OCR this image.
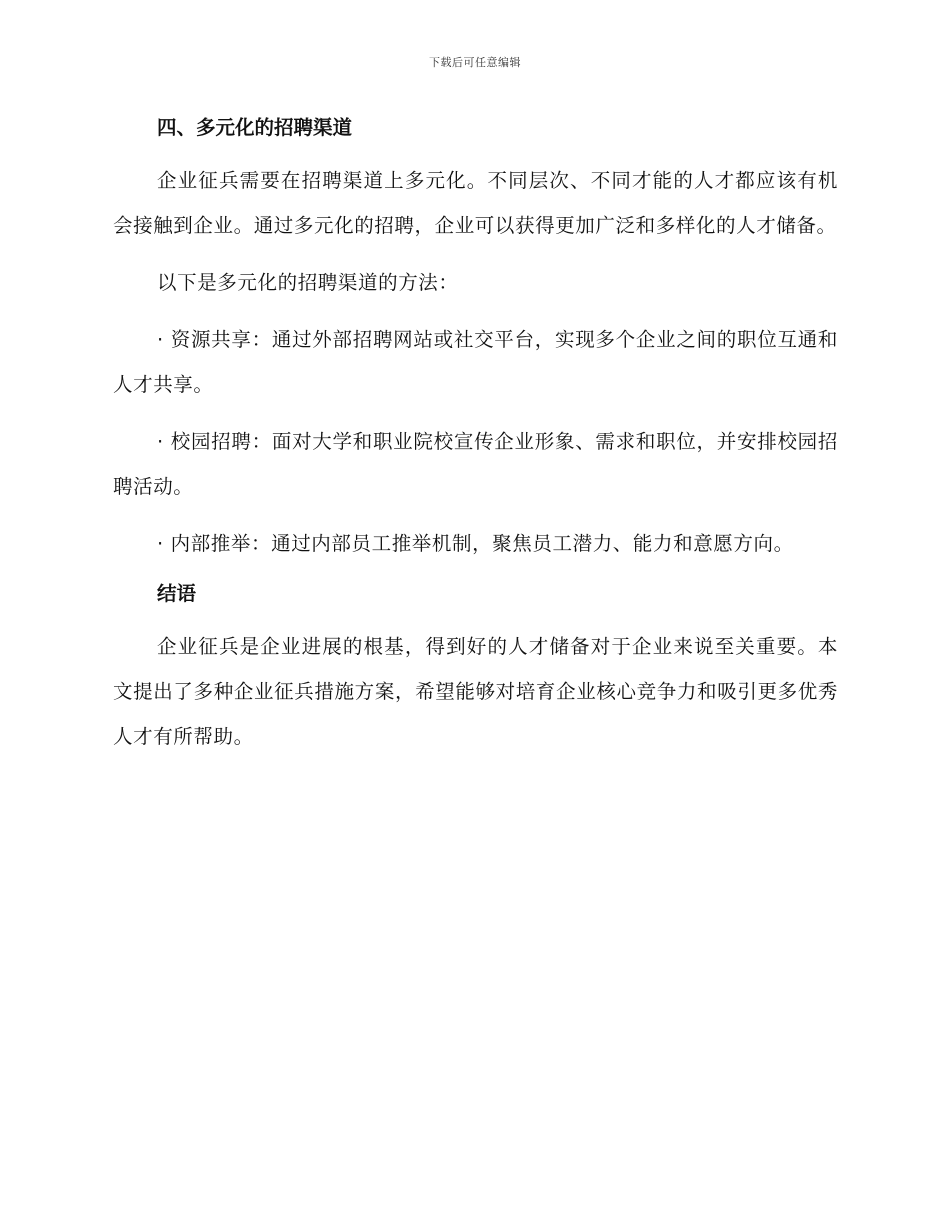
下载后可任意编辑
四、多元化的招聘渠道

企业征兵需要在招聘渠道上多元化。不同层次、不同才能的人才都应该有机会接触到企业。通过多元化的招聘，企业可以获得更加广泛和多样化的人才储备。

以下是多元化的招聘渠道的方法：

· 资源共享：通过外部招聘网站或社交平台，实现多个企业之间的职位互通和人才共享。

· 校园招聘：面对大学和职业院校宣传企业形象、需求和职位，并安排校园招聘活动。

· 内部推举：通过内部员工推举机制，聚焦员工潜力、能力和意愿方向。

结语

企业征兵是企业进展的根基，得到好的人才储备对于企业来说至关重要。本文提出了多种企业征兵措施方案，希望能够对培育企业核心竞争力和吸引更多优秀人才有所帮助。
